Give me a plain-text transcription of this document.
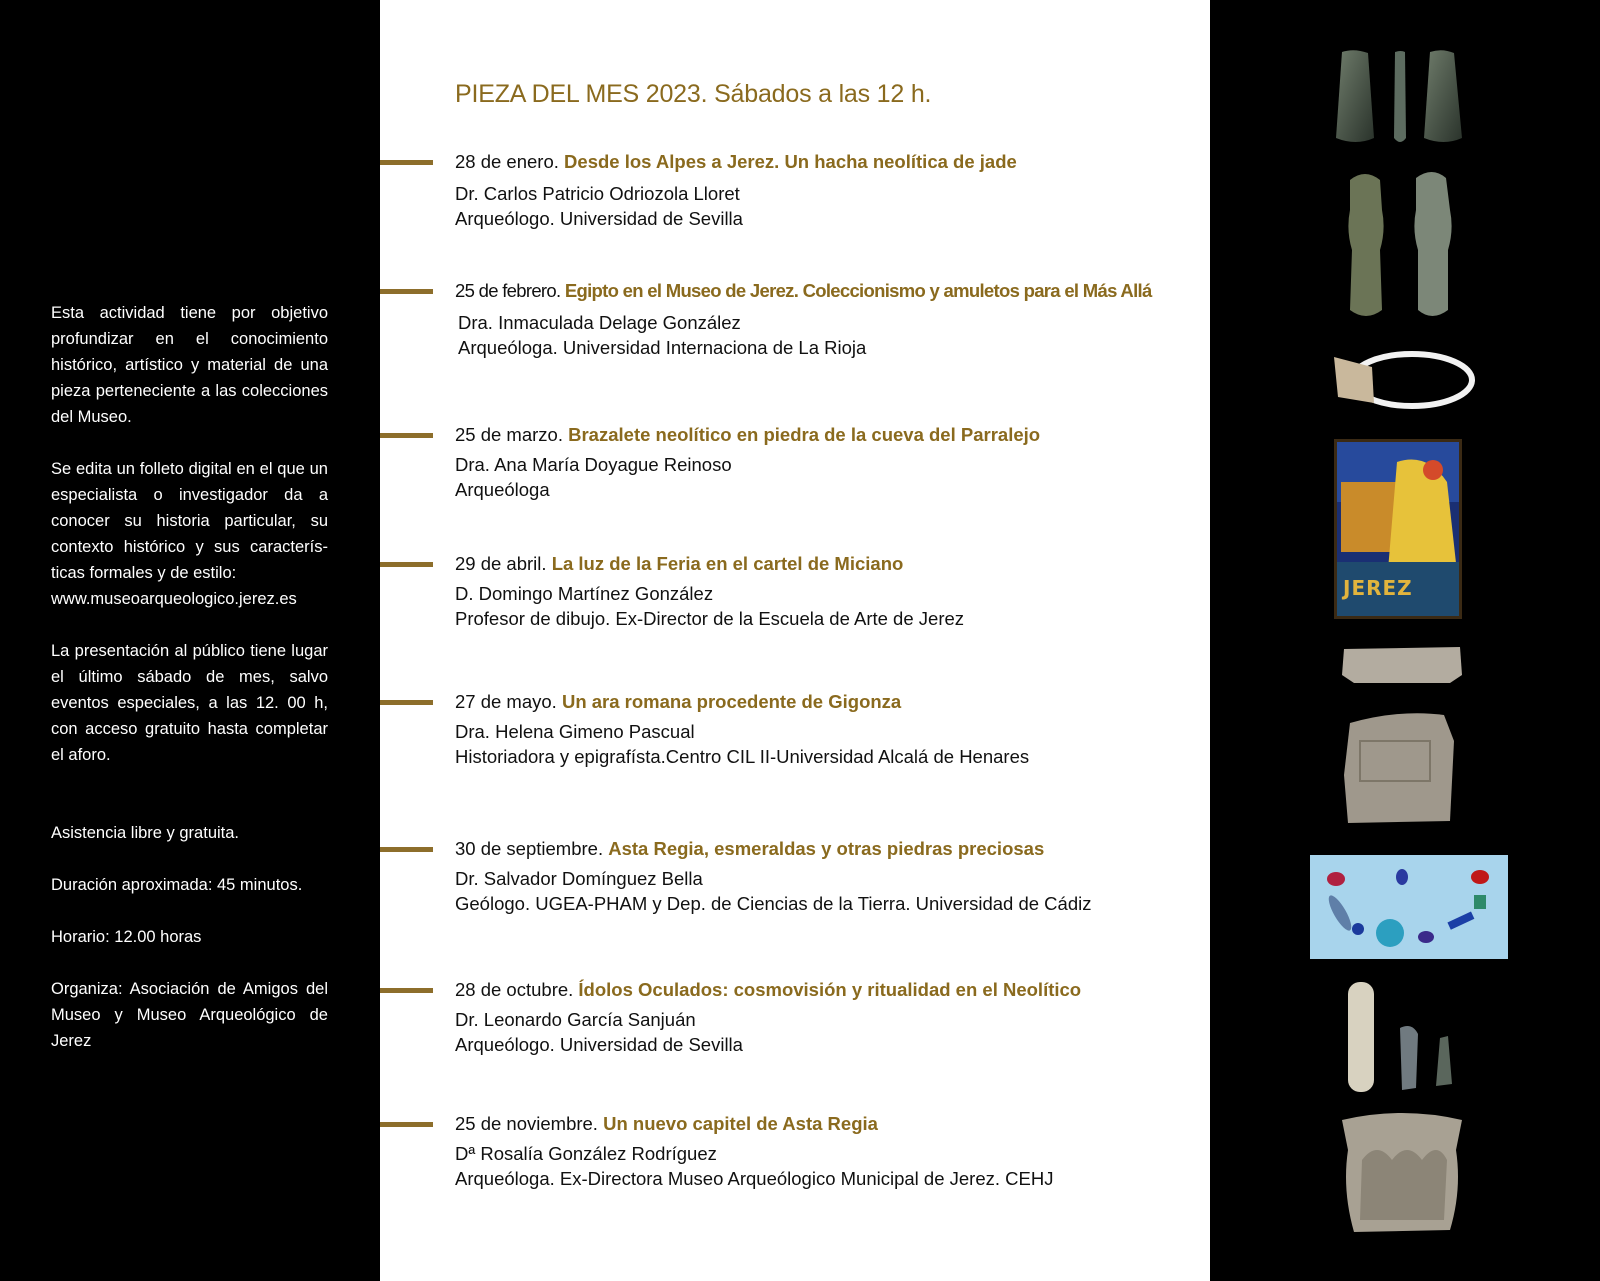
Esta actividad tiene por objetivo profundizar en el conocimiento histórico, artístico y material de una pieza perteneciente a las colecciones del Museo.

Se edita un folleto digital en el que un especialista o investigador da a conocer su historia particular, su contexto histórico y sus caracterís-ticas formales y de estilo:
www.museoarqueologico.jerez.es

La presentación al público tiene lugar el último sábado de mes, salvo eventos especiales, a las 12. 00 h, con acceso gratuito hasta completar el aforo.

Asistencia libre y gratuita.

Duración aproximada: 45 minutos.

Horario: 12.00 horas

Organiza: Asociación de Amigos del Museo y Museo Arqueológico de Jerez

PIEZA DEL MES 2023. Sábados a las 12 h.
28 de enero. Desde los Alpes a Jerez. Un hacha neolítica de jade
Dr. Carlos Patricio Odriozola Lloret
Arqueólogo. Universidad de Sevilla
25 de febrero. Egipto en el Museo de Jerez. Coleccionismo y amuletos para el Más Allá
Dra. Inmaculada Delage González
Arqueóloga. Universidad Internaciona de La Rioja
25 de marzo. Brazalete neolítico en piedra de la cueva del Parralejo
Dra. Ana María Doyague Reinoso
Arqueóloga
29 de abril. La luz de la Feria en el cartel de Miciano
D. Domingo Martínez González
Profesor de dibujo. Ex-Director de la Escuela de Arte de Jerez
27 de mayo. Un ara romana procedente de Gigonza
Dra. Helena Gimeno Pascual
Historiadora y epigrafísta.Centro CIL II-Universidad Alcalá de Henares
30 de septiembre. Asta Regia, esmeraldas y otras piedras preciosas
Dr. Salvador Domínguez Bella
Geólogo. UGEA-PHAM y Dep. de Ciencias de la Tierra. Universidad de Cádiz
28 de octubre. Ídolos Oculados: cosmovisión y ritualidad en el Neolítico
Dr. Leonardo García Sanjuán
Arqueólogo. Universidad de Sevilla
25 de noviembre. Un nuevo capitel de Asta Regia
Dª Rosalía González Rodríguez
Arqueóloga. Ex-Directora Museo Arqueólogico Municipal de Jerez. CEHJ
JEREZ
